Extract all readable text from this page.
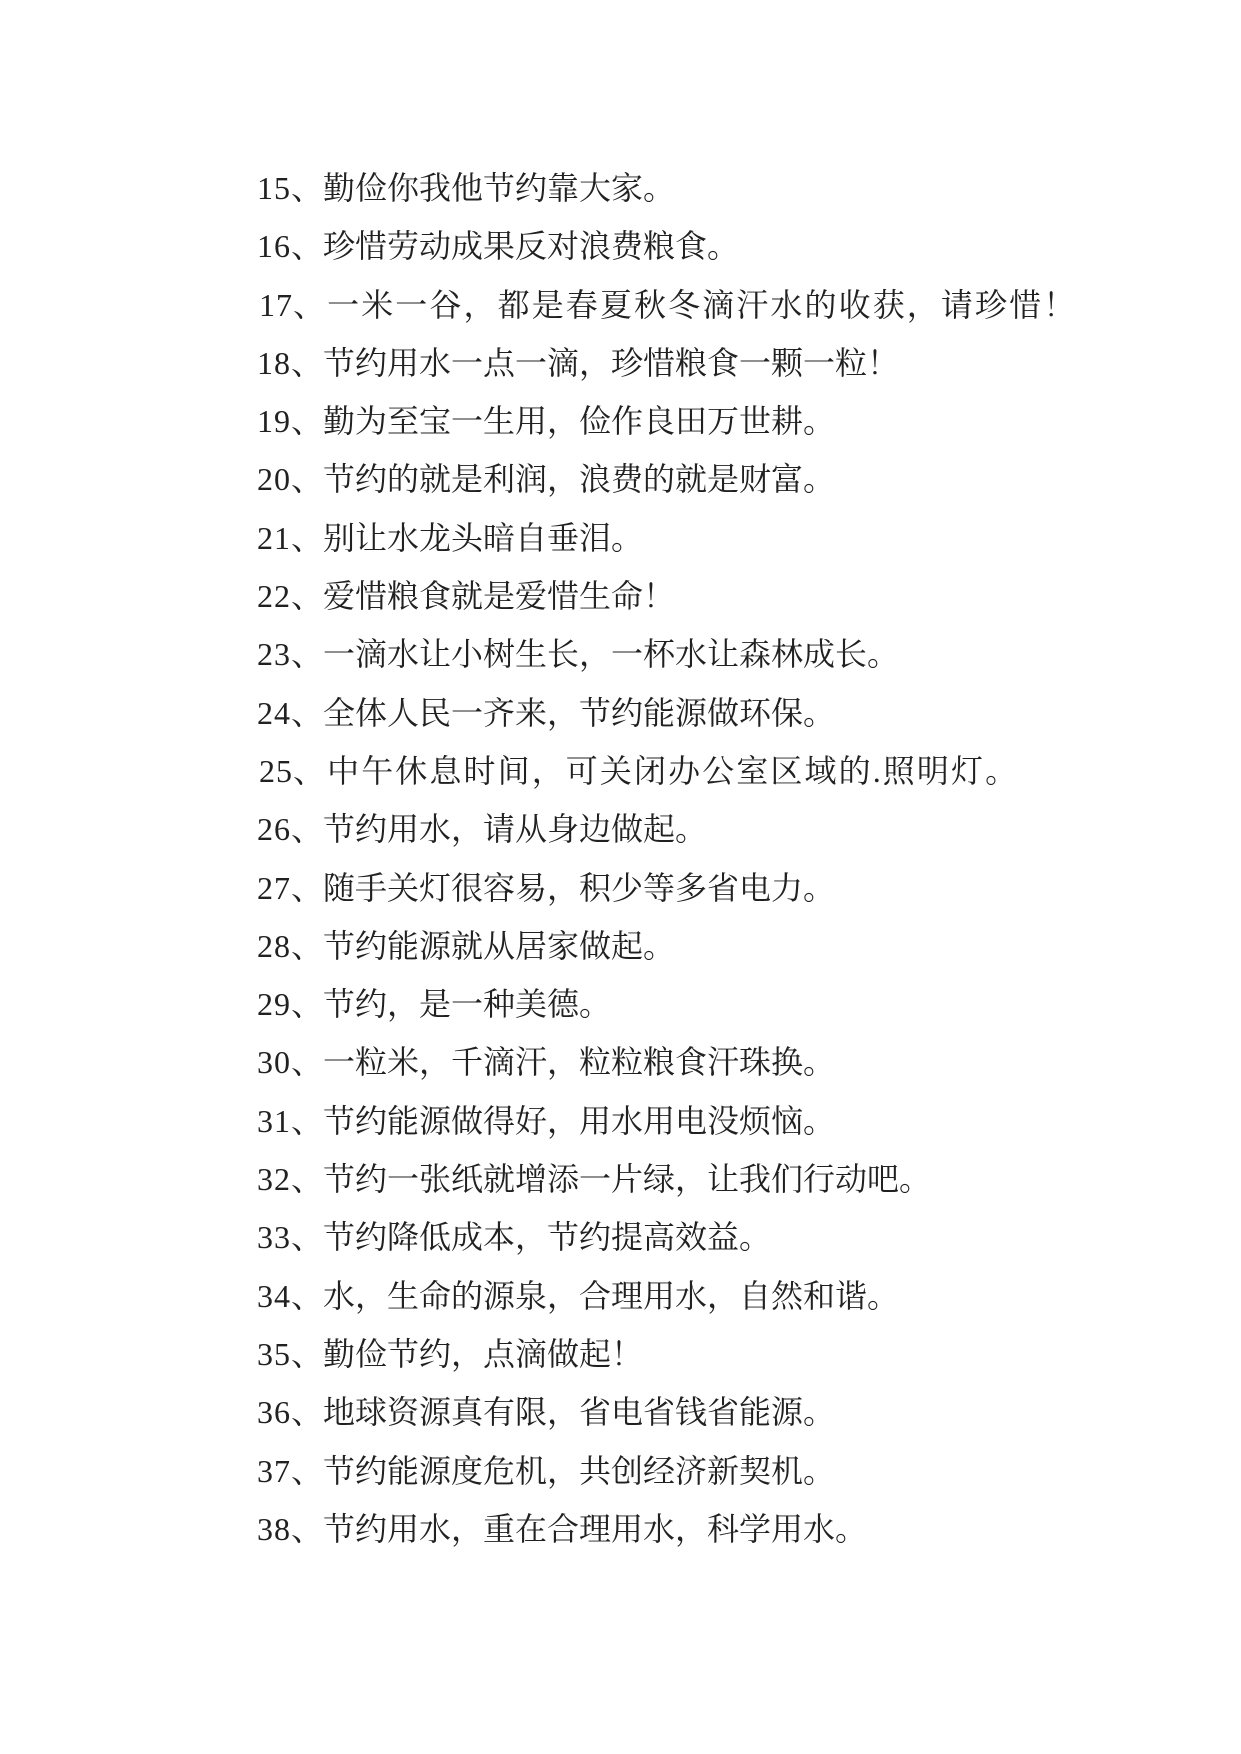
15、勤俭你我他节约靠大家。
16、珍惜劳动成果反对浪费粮食。
17、一米一谷，都是春夏秋冬滴汗水的收获，请珍惜！
18、节约用水一点一滴，珍惜粮食一颗一粒！
19、勤为至宝一生用，俭作良田万世耕。
20、节约的就是利润，浪费的就是财富。
21、别让水龙头暗自垂泪。
22、爱惜粮食就是爱惜生命！
23、一滴水让小树生长，一杯水让森林成长。
24、全体人民一齐来，节约能源做环保。
25、中午休息时间，可关闭办公室区域的.照明灯。
26、节约用水，请从身边做起。
27、随手关灯很容易，积少等多省电力。
28、节约能源就从居家做起。
29、节约，是一种美德。
30、一粒米，千滴汗，粒粒粮食汗珠换。
31、节约能源做得好，用水用电没烦恼。
32、节约一张纸就增添一片绿，让我们行动吧。
33、节约降低成本，节约提高效益。
34、水，生命的源泉，合理用水，自然和谐。
35、勤俭节约，点滴做起！
36、地球资源真有限，省电省钱省能源。
37、节约能源度危机，共创经济新契机。
38、节约用水，重在合理用水，科学用水。
